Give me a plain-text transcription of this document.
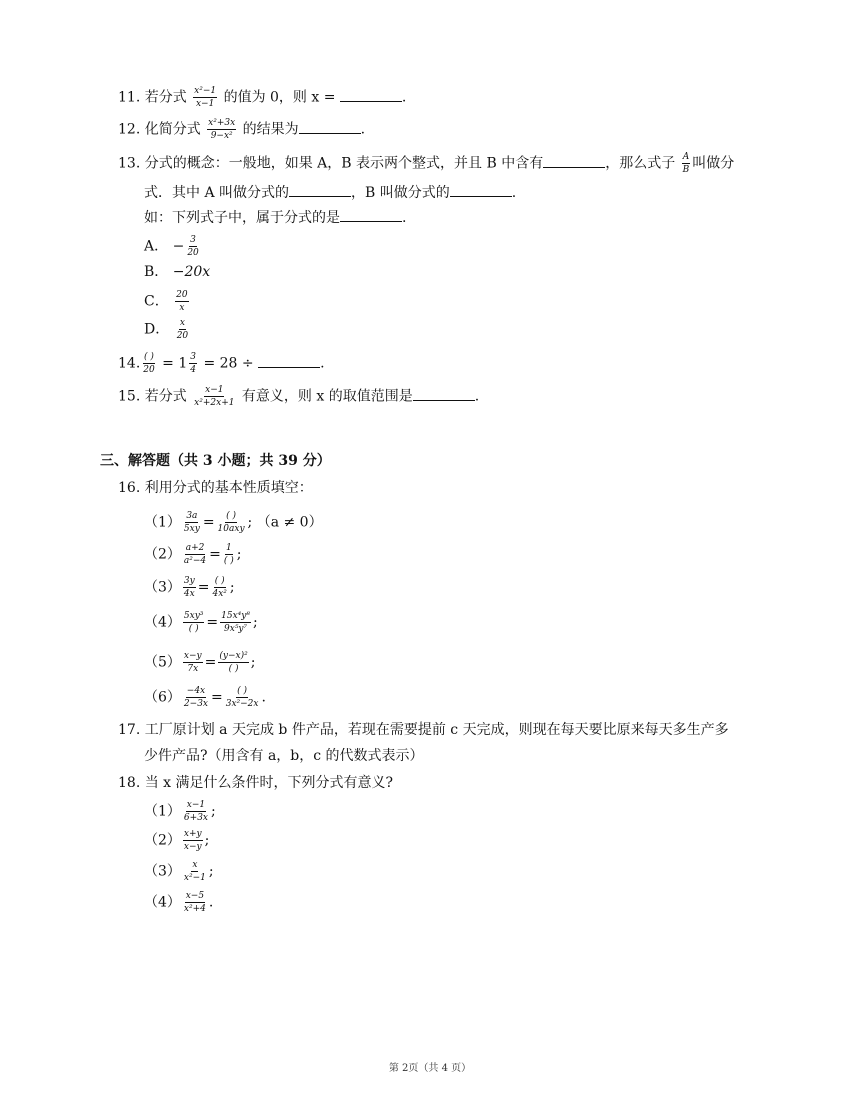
11. 若分式 $\frac{\text{x²−1}}{x-1}$ 的值为 0，则 x =	.
12. 化简分式 $\frac{\text{x²+3x}}{\text{9−x²}}$ 的结果为	.
13. 分式的概念：一般地，如果 A，B 表示两个整式，并且 B 中含有	，那么式子 $\frac{A}{B}$ 叫做分
式．其中 A 叫做分式的	，B 叫做分式的	.
如：下列式子中，属于分式的是	.
A． − $\frac{3}{20}$
B． −20x
C． $\frac{20}{x}$
D． $\frac{x}{20}$
14. $\frac{( )}{20} = 1 \frac{3}{4} = 28$ ÷	.
15. 若分式 $\frac{x-1}{\text{x²+2x+1}}$ 有意义，则 x 的取值范围是	.
三、解答题（共 3 小题；共 39 分）
16. 利用分式的基本性质填空：
$(1) \frac{3a}{5xy} = \frac{( )}{\text{10axy}}$ ; （a ≠ 0）
$(2) \frac{a+2}{\text{a²−4}} = \frac{1}{( )}$ ;
$(3) \frac{3y}{4x} = \frac{( )}{\text{4x²}}$ ;
$(4) \frac{\text{5xy³}}{( )} = \frac{\text{15x⁴y⁸}}{\text{9x⁵y⁷}}$ ;
$(5) \frac{x-y}{7x} = \frac{\text{(y−x)²}}{( )}$ ;
$(6) \frac{-4x}{2-3x} = \frac{( )}{\text{3x²−2x}}$ .
17. 工厂原计划 a 天完成 b 件产品，若现在需要提前 c 天完成，则现在每天要比原来每天多生产多
少件产品?（用含有 a，b，c 的代数式表示）
18. 当 x 满足什么条件时，下列分式有意义?
$(1) \frac{x-1}{6+3x}$ ;
$(2) \frac{x+y}{x-y}$ ;
$(3) \frac{x}{\text{x²−1}}$ ;
$(4) \frac{x-5}{\text{x²+4}}$ .
第 2页（共 4 页）
